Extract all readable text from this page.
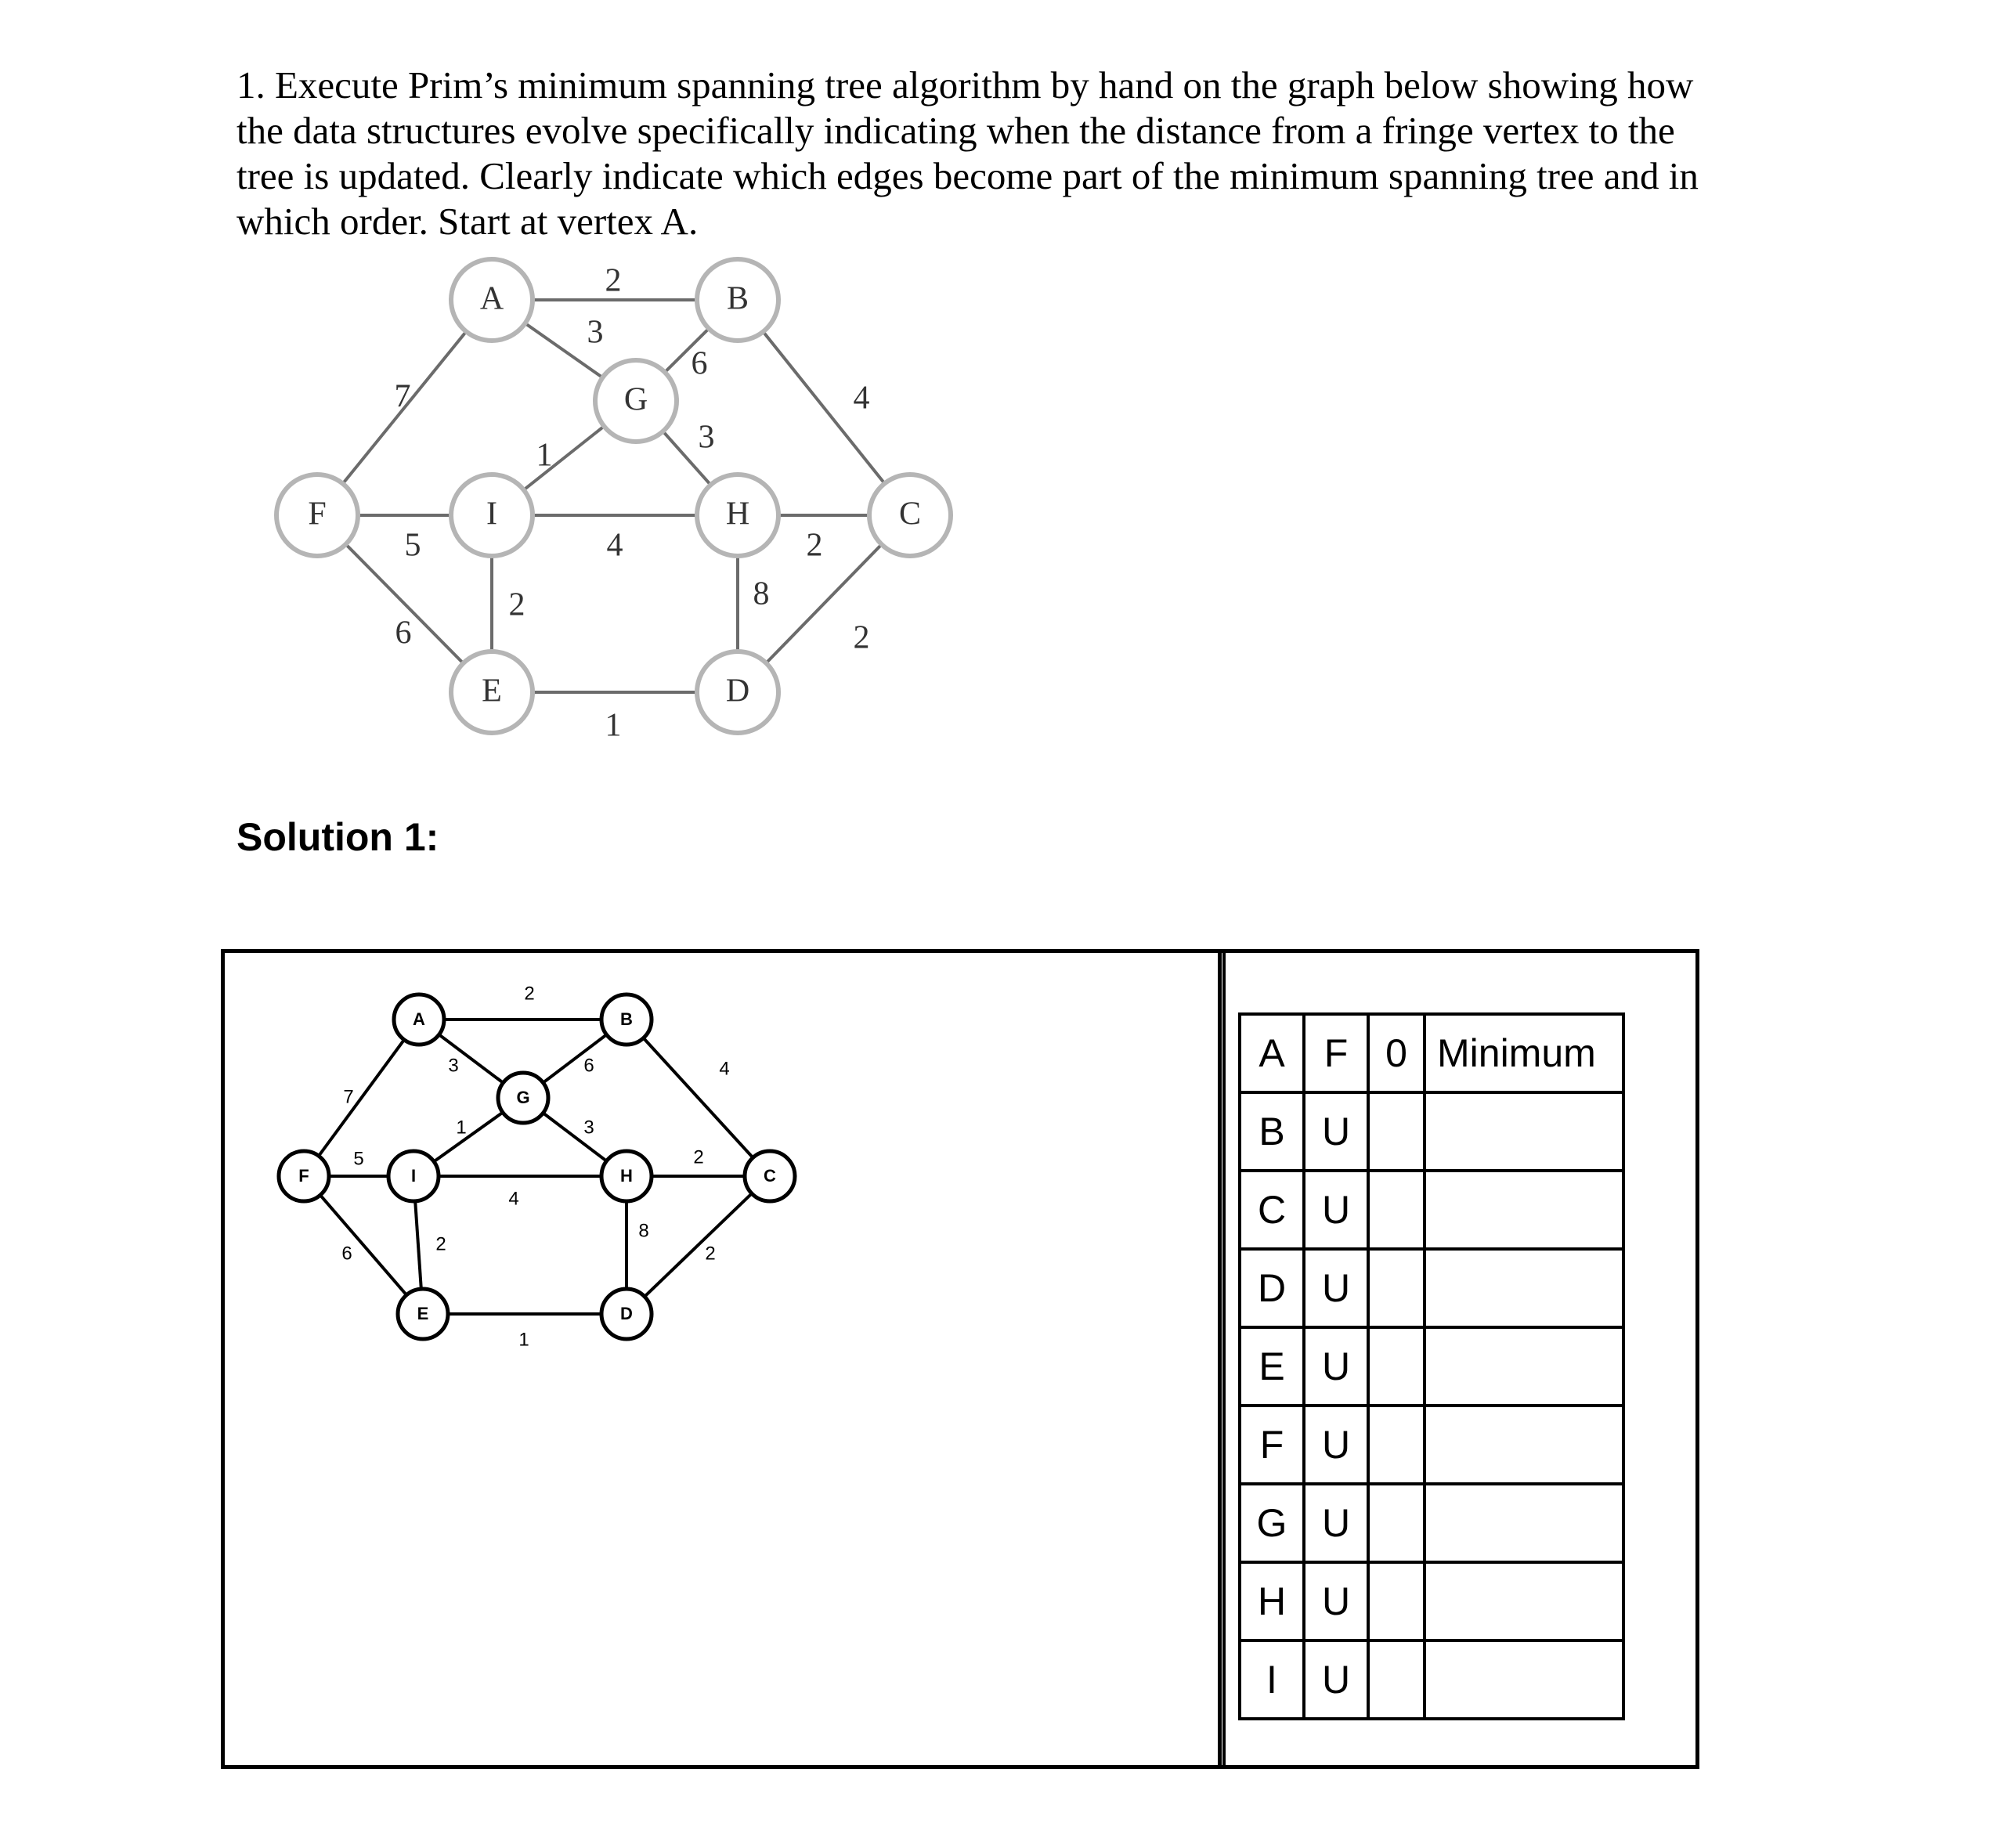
1. Execute Prim’s minimum spanning tree algorithm by hand on the graph below showing how the data structures evolve specifically indicating when the distance from a fringe vertex to the tree is updated. Clearly indicate which edges become part of the minimum spanning tree and in which order. Start at vertex A.

2
3
6
7	4
1	3
5	4	2
6
2	8
2
1
A	B
G
F	I	H	C
E	D
Solution 1:
2
3	6
7
4
1	3
5
4
2
6	2
8
2
1
A	B
G
F	I	H	C
E	D
A	F	0	Minimum
B	U		
C	U		
D	U		
E	U		
F	U		
G	U		
H	U		
I	U		
